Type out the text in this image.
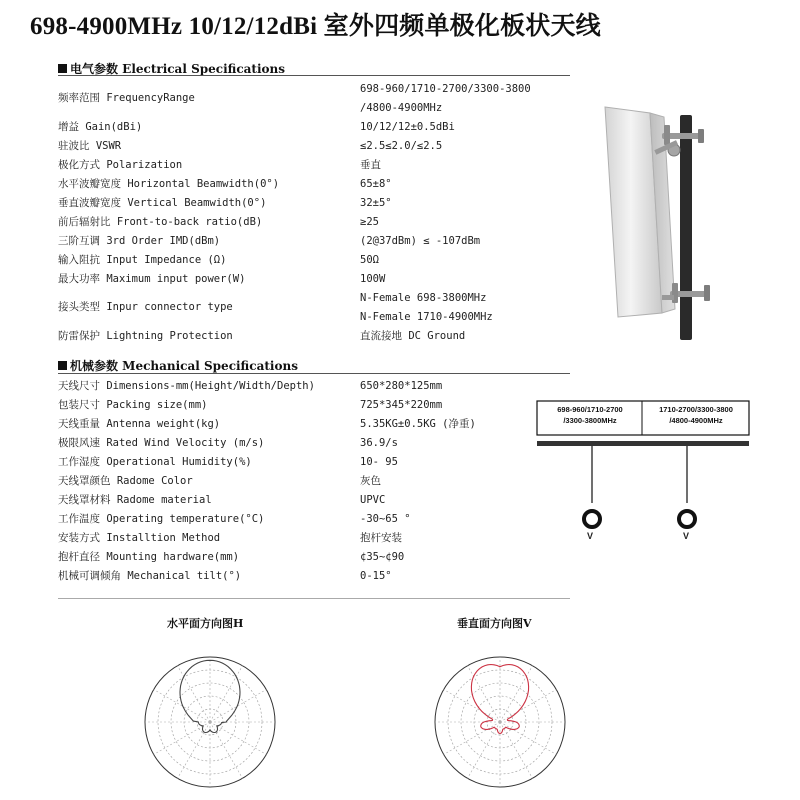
698-4900MHz 10/12/12dBi 室外四频单极化板状天线
电气参数 Electrical Specifications
频率范围 FrequencyRange
698-960/1710-2700/3300-3800
/4800-4900MHz
增益 Gain(dBi)	10/12/12±0.5dBi
驻波比 VSWR	≤2.5≤2.0/≤2.5
极化方式 Polarization	垂直
水平波瓣宽度 Horizontal Beamwidth(0°)	65±8°
垂直波瓣宽度 Vertical Beamwidth(0°)	32±5°
前后辐射比 Front-to-back ratio(dB)	≥25
三阶互调 3rd Order IMD(dBm)	(2@37dBm) ≤ -107dBm
输入阻抗 Input Impedance (Ω)	50Ω
最大功率 Maximum input power(W)	100W
接头类型 Inpur connector type
N-Female 698-3800MHz
N-Female 1710-4900MHz
防雷保护 Lightning Protection	直流接地 DC Ground
机械参数 Mechanical Specifications
天线尺寸 Dimensions-mm(Height/Width/Depth)	650*280*125mm
包装尺寸 Packing size(mm)	725*345*220mm
天线重量 Antenna weight(kg)	5.35KG±0.5KG (净重)
极限风速 Rated Wind Velocity (m/s)	36.9/s
工作湿度 Operational Humidity(%)	10- 95
天线罩颜色 Radome Color	灰色
天线罩材料 Radome material	UPVC
工作温度 Operating temperature(°C)	-30~65 °
安装方式 Installtion Method	抱杆安装
抱杆直径 Mounting hardware(mm)	¢35~¢90
机械可调倾角 Mechanical tilt(°)	0-15°
698-960/1710-2700
/3300-3800MHz
1710-2700/3300-3800
/4800-4900MHz
V	V
水平面方向图H	垂直面方向图V
